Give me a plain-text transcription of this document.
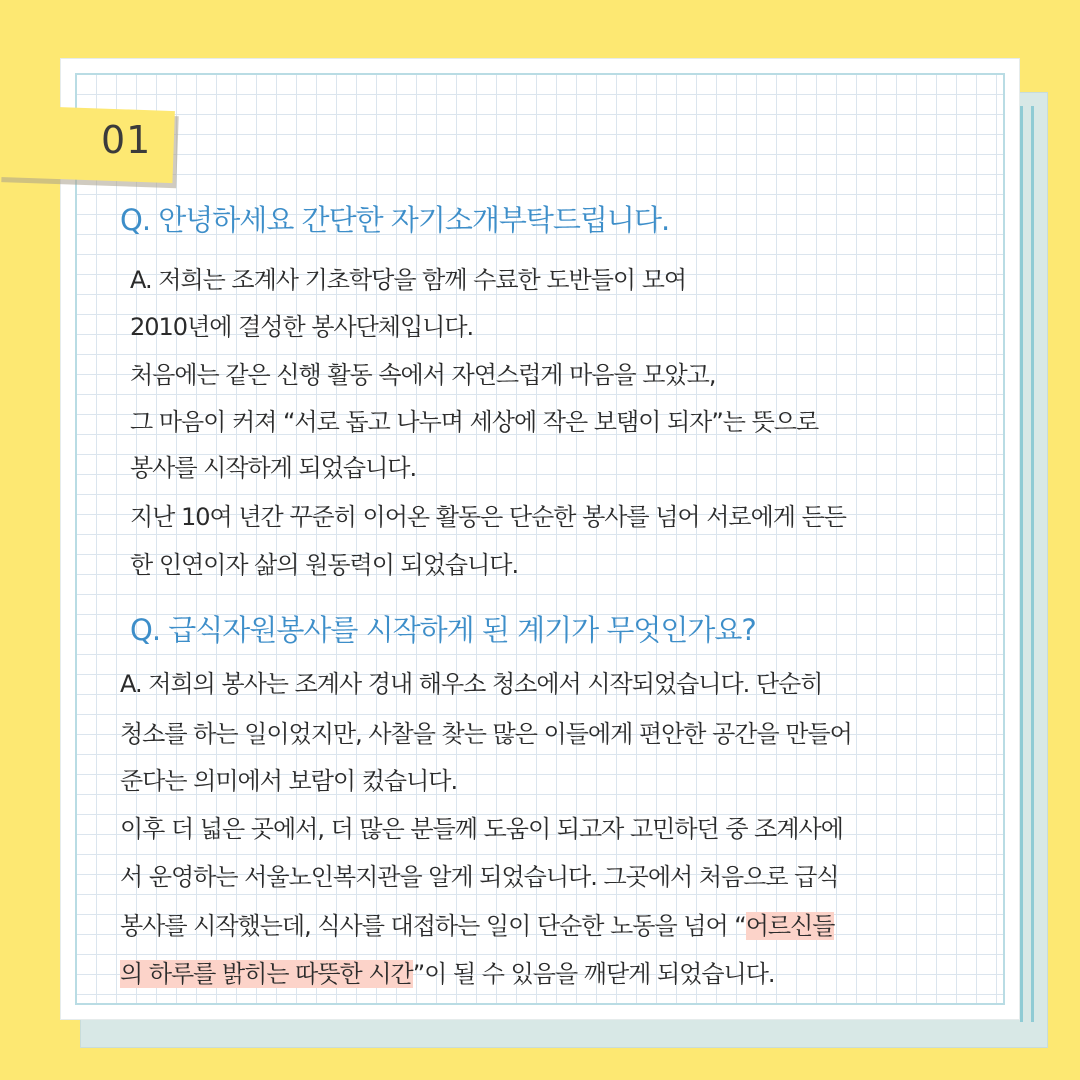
01
Q. 안녕하세요 간단한 자기소개부탁드립니다.
A. 저희는 조계사 기초학당을 함께 수료한 도반들이 모여
2010년에 결성한 봉사단체입니다.
처음에는 같은 신행 활동 속에서 자연스럽게 마음을 모았고,
그 마음이 커져 “서로 돕고 나누며 세상에 작은 보탬이 되자”는 뜻으로
봉사를 시작하게 되었습니다.
지난 10여 년간 꾸준히 이어온 활동은 단순한 봉사를 넘어 서로에게 든든
한 인연이자 삶의 원동력이 되었습니다.
Q. 급식자원봉사를 시작하게 된 계기가 무엇인가요?
A. 저희의 봉사는 조계사 경내 해우소 청소에서 시작되었습니다. 단순히
청소를 하는 일이었지만, 사찰을 찾는 많은 이들에게 편안한 공간을 만들어
준다는 의미에서 보람이 컸습니다.
이후 더 넓은 곳에서, 더 많은 분들께 도움이 되고자 고민하던 중 조계사에
서 운영하는 서울노인복지관을 알게 되었습니다. 그곳에서 처음으로 급식
봉사를 시작했는데, 식사를 대접하는 일이 단순한 노동을 넘어 “어르신들
의 하루를 밝히는 따뜻한 시간”이 될 수 있음을 깨닫게 되었습니다.
